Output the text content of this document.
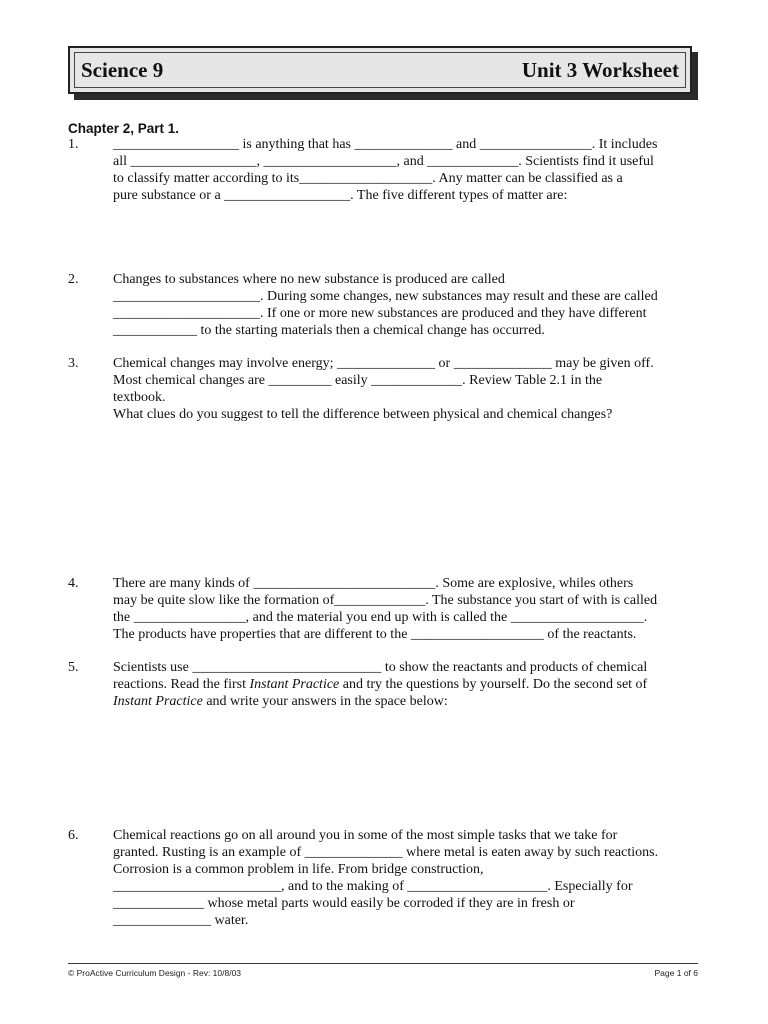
Science 9	Unit 3 Worksheet
Chapter 2, Part 1.
1. __________________ is anything that has ______________ and ________________. It includes
all __________________, ___________________, and _____________. Scientists find it useful
to classify matter according to its___________________. Any matter can be classified as a
pure substance or a __________________. The five different types of matter are:
2. Changes to substances where no new substance is produced are called
_____________________. During some changes, new substances may result and these are called
_____________________. If one or more new substances are produced and they have different
____________ to the starting materials then a chemical change has occurred.
3. Chemical changes may involve energy; ______________ or ______________ may be given off.
Most chemical changes are _________ easily _____________. Review Table 2.1 in the
textbook.
What clues do you suggest to tell the difference between physical and chemical changes?
4. There are many kinds of __________________________. Some are explosive, whiles others
may be quite slow like the formation of_____________. The substance you start of with is called
the ________________, and the material you end up with is called the ___________________.
The products have properties that are different to the ___________________ of the reactants.
5. Scientists use ___________________________ to show the reactants and products of chemical
reactions. Read the first Instant Practice and try the questions by yourself. Do the second set of
Instant Practice and write your answers in the space below:
6. Chemical reactions go on all around you in some of the most simple tasks that we take for
granted. Rusting is an example of ______________ where metal is eaten away by such reactions.
Corrosion is a common problem in life. From bridge construction,
________________________, and to the making of ____________________. Especially for
_____________ whose metal parts would easily be corroded if they are in fresh or
______________ water.
© ProActive Curriculum Design - Rev: 10/8/03	Page 1 of 6
